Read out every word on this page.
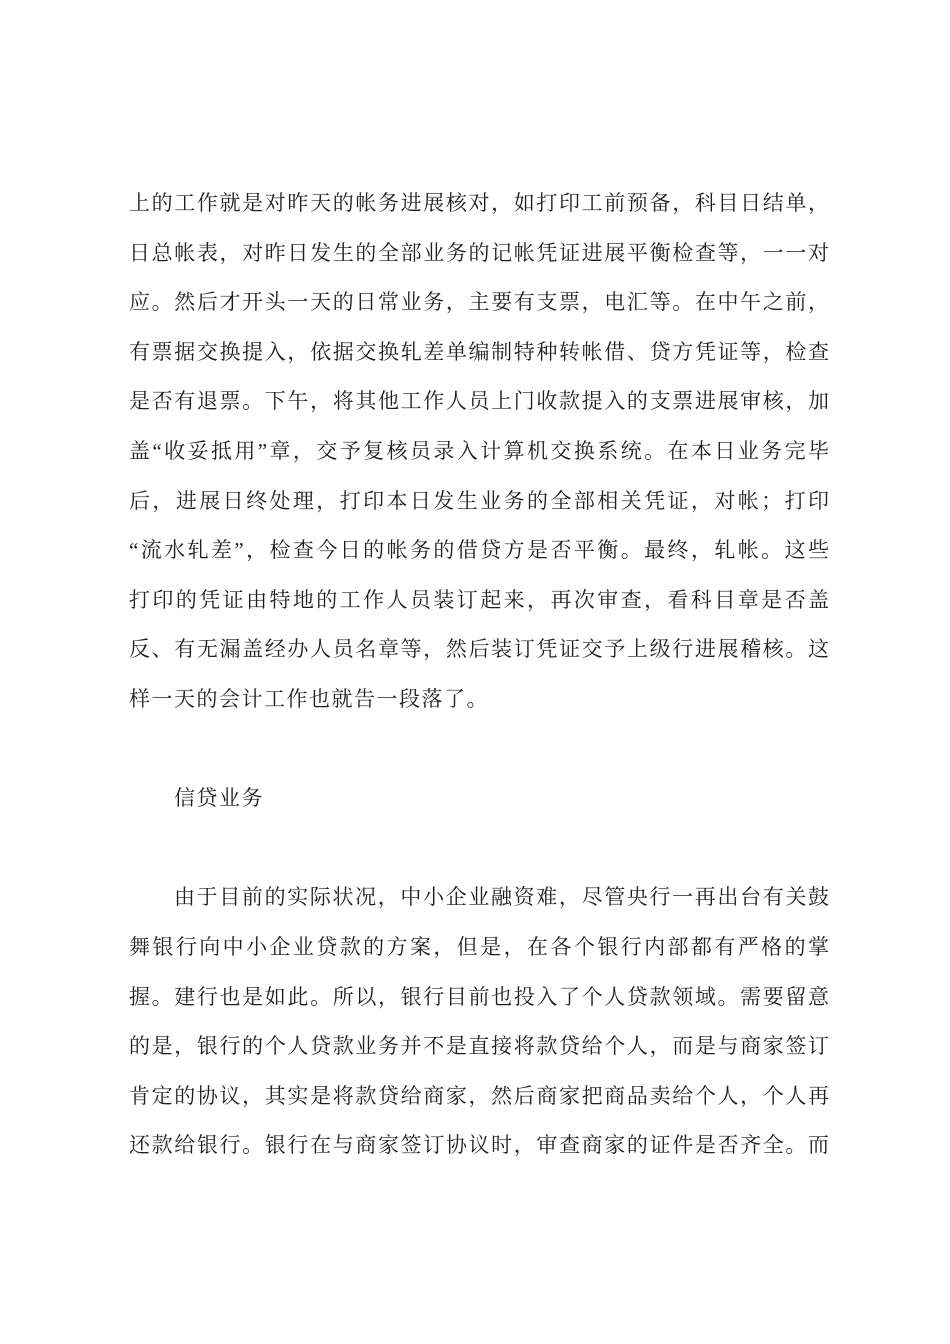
上的工作就是对昨天的帐务进展核对，如打印工前预备，科目日结单，
日总帐表，对昨日发生的全部业务的记帐凭证进展平衡检查等，一一对
应。然后才开头一天的日常业务，主要有支票，电汇等。在中午之前，
有票据交换提入，依据交换轧差单编制特种转帐借、贷方凭证等，检查
是否有退票。下午，将其他工作人员上门收款提入的支票进展审核，加
盖“收妥抵用”章，交予复核员录入计算机交换系统。在本日业务完毕
后，进展日终处理，打印本日发生业务的全部相关凭证，对帐；打印
“流水轧差”，检查今日的帐务的借贷方是否平衡。最终，轧帐。这些
打印的凭证由特地的工作人员装订起来，再次审查，看科目章是否盖
反、有无漏盖经办人员名章等，然后装订凭证交予上级行进展稽核。这
样一天的会计工作也就告一段落了。
信贷业务
由于目前的实际状况，中小企业融资难，尽管央行一再出台有关鼓
舞银行向中小企业贷款的方案，但是，在各个银行内部都有严格的掌
握。建行也是如此。所以，银行目前也投入了个人贷款领域。需要留意
的是，银行的个人贷款业务并不是直接将款贷给个人，而是与商家签订
肯定的协议，其实是将款贷给商家，然后商家把商品卖给个人，个人再
还款给银行。银行在与商家签订协议时，审查商家的证件是否齐全。而
